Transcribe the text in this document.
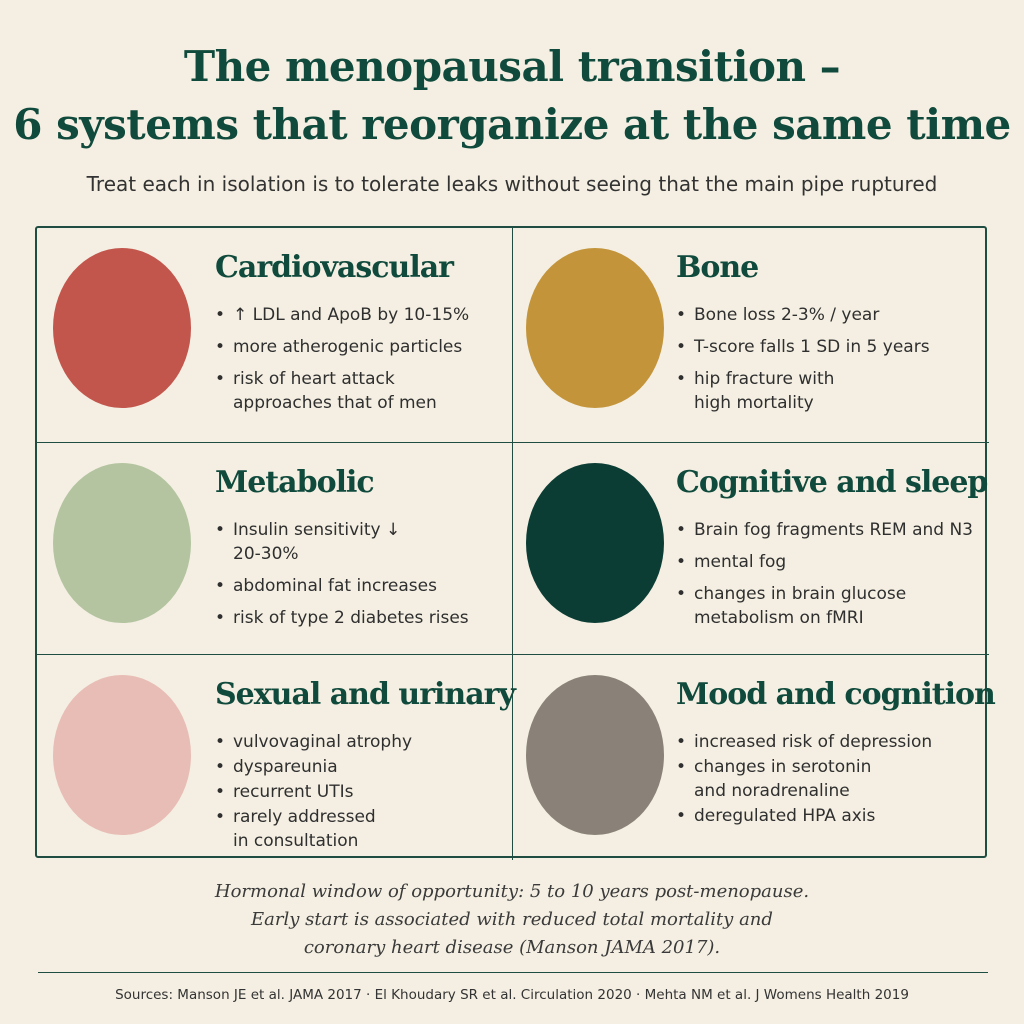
The menopausal transition –
6 systems that reorganize at the same time
Treat each in isolation is to tolerate leaks without seeing that the main pipe ruptured
Cardiovascular
• ↑ LDL and ApoB by 10-15%
• more atherogenic particles
• risk of heart attack
approaches that of men
Bone
• Bone loss 2-3% / year
• T-score falls 1 SD in 5 years
• hip fracture with
high mortality
Metabolic
• Insulin sensitivity ↓
20-30%
• abdominal fat increases
• risk of type 2 diabetes rises
Cognitive and sleep
• Brain fog fragments REM and N3
• mental fog
• changes in brain glucose
metabolism on fMRI
Sexual and urinary
• vulvovaginal atrophy
• dyspareunia
• recurrent UTIs
• rarely addressed
in consultation
Mood and cognition
• increased risk of depression
• changes in serotonin
and noradrenaline
• deregulated HPA axis
Hormonal window of opportunity: 5 to 10 years post-menopause.
Early start is associated with reduced total mortality and
coronary heart disease (Manson JAMA 2017).
Sources: Manson JE et al. JAMA 2017 · El Khoudary SR et al. Circulation 2020 · Mehta NM et al. J Womens Health 2019
